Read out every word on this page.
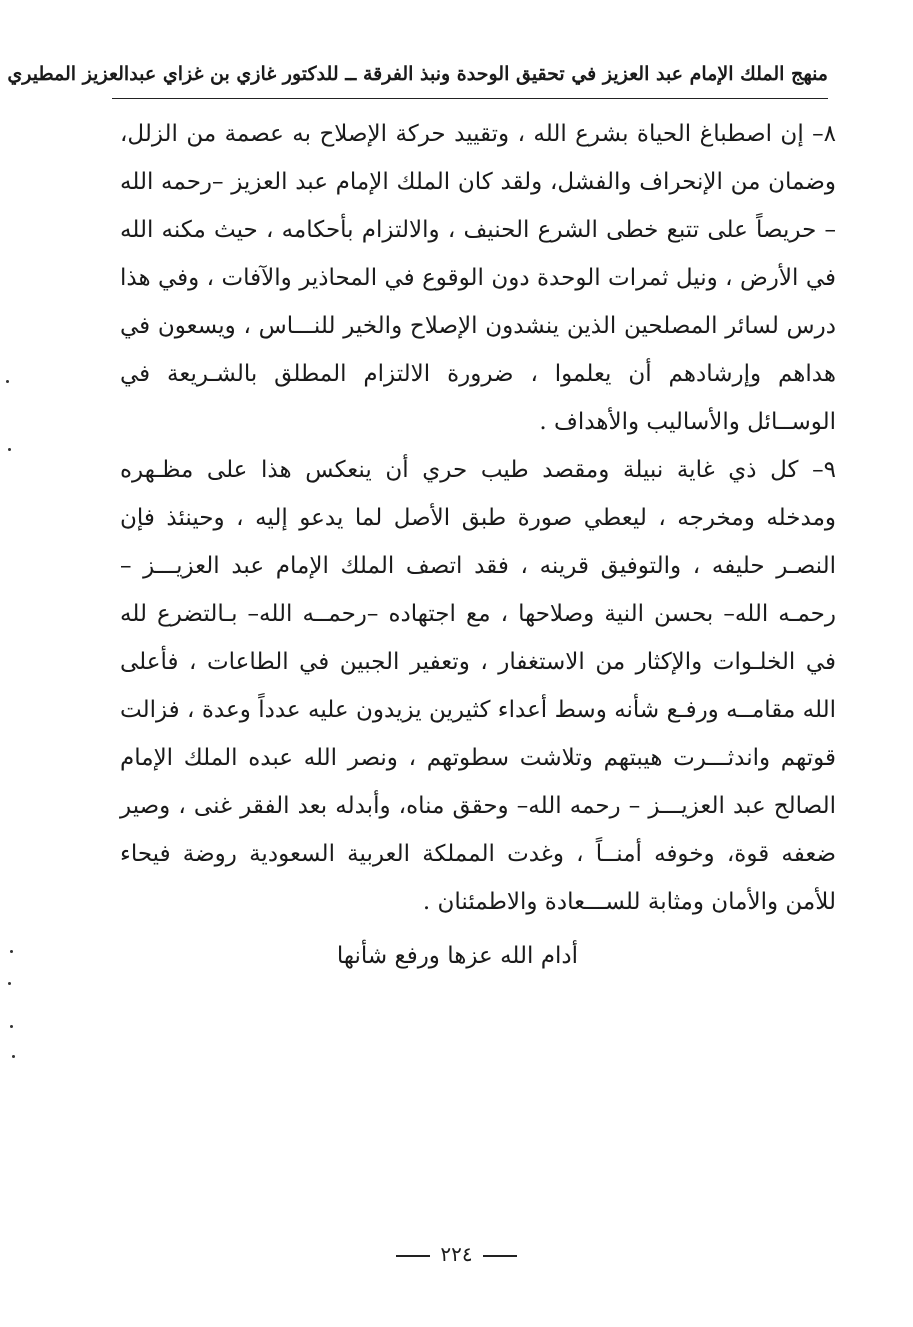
منهج الملك الإمام عبد العزيز في تحقيق الوحدة ونبذ الفرقة ــ للدكتور غازي بن غزاي عبدالعزيز المطيري

٨– إن اصطباغ الحياة بشرع الله ، وتقييد حركة الإصلاح به عصمة من الزلل، وضمان من الإنحراف والفشل، ولقد كان الملك الإمام عبد العزيز –رحمه الله – حريصاً على تتبع خطى الشرع الحنيف ، والالتزام بأحكامه ، حيث مكنه الله في الأرض ، ونيل ثمرات الوحدة دون الوقوع في المحاذير والآفات ، وفي هذا درس لسائر المصلحين الذين ينشدون الإصلاح والخير للنـــاس ، ويسعون في هداهم وإرشادهم أن يعلموا ، ضرورة الالتزام المطلق بالشـريعة في الوســائل والأساليب والأهداف .

٩– كل ذي غاية نبيلة ومقصد طيب حري أن ينعكس هذا على مظـهره ومدخله ومخرجه ، ليعطي صورة طبق الأصل لما يدعو إليه ، وحينئذ فإن النصـر حليفه ، والتوفيق قرينه ، فقد اتصف الملك الإمام عبد العزيـــز –رحمـه الله– بحسن النية وصلاحها ، مع اجتهاده –رحمــه الله– بـالتضرع لله في الخلـوات والإكثار من الاستغفار ، وتعفير الجبين في الطاعات ، فأعلى الله مقامــه ورفـع شأنه وسط أعداء كثيرين يزيدون عليه عدداً وعدة ، فزالت قوتهم واندثـــرت هيبتهم وتلاشت سطوتهم ، ونصر الله عبده الملك الإمام الصالح عبد العزيـــز – رحمه الله– وحقق مناه، وأبدله بعد الفقر غنى ، وصير ضعفه قوة، وخوفه أمنــاً ، وغدت المملكة العربية السعودية روضة فيحاء للأمن والأمان ومثابة للســـعادة والاطمئنان .

أدام الله عزها ورفع شأنها

٢٢٤
